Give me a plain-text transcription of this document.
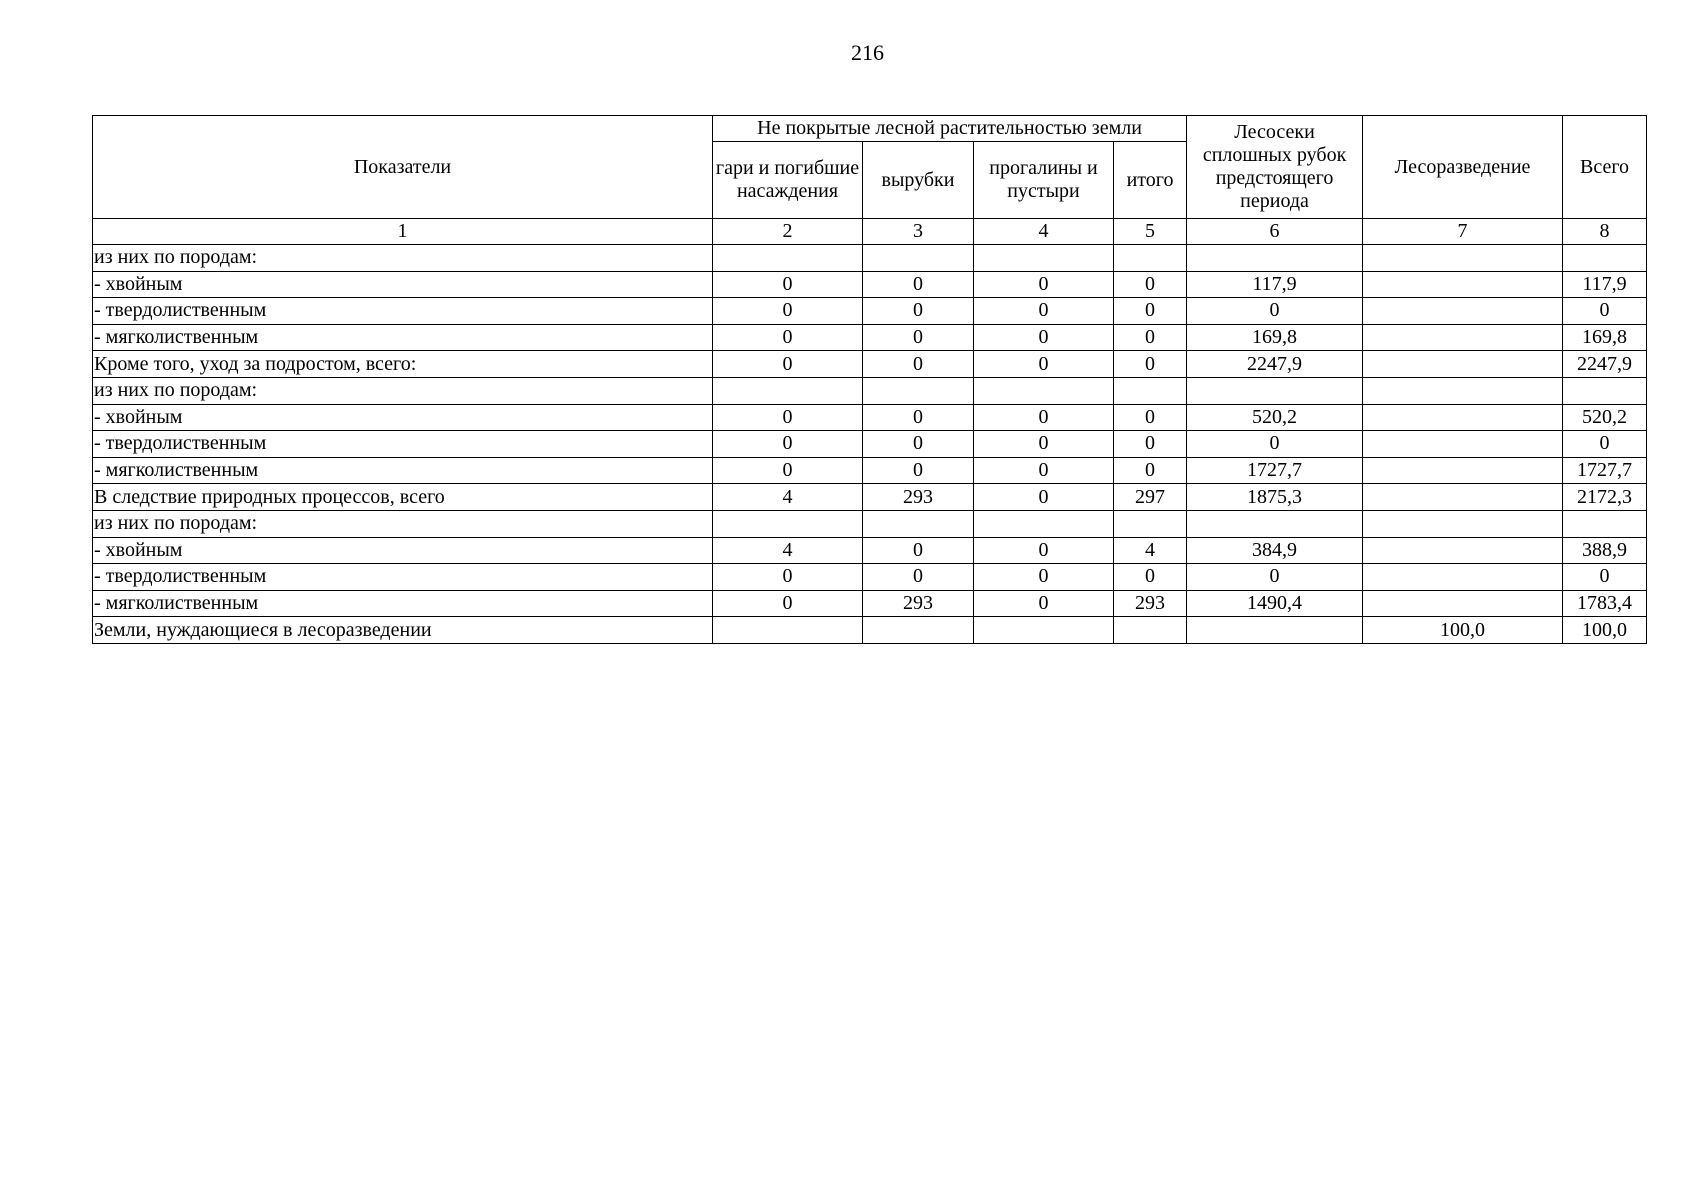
216
Показатели	Не покрытые лесной растительностью земли				Лесосеки сплошных рубок предстоящего периода	Лесоразведение	Всего
	гари и погибшие насаждения	вырубки	прогалины и пустыри	итого			
1	2	3	4	5	6	7	8
из них по породам:							
- хвойным	0	0	0	0	117,9		117,9
- твердолиственным	0	0	0	0	0		0
- мягколиственным	0	0	0	0	169,8		169,8
Кроме того, уход за подростом, всего:	0	0	0	0	2247,9		2247,9
из них по породам:							
- хвойным	0	0	0	0	520,2		520,2
- твердолиственным	0	0	0	0	0		0
- мягколиственным	0	0	0	0	1727,7		1727,7
В следствие природных процессов, всего	4	293	0	297	1875,3		2172,3
из них по породам:							
- хвойным	4	0	0	4	384,9		388,9
- твердолиственным	0	0	0	0	0		0
- мягколиственным	0	293	0	293	1490,4		1783,4
Земли, нуждающиеся в лесоразведении						100,0	100,0
